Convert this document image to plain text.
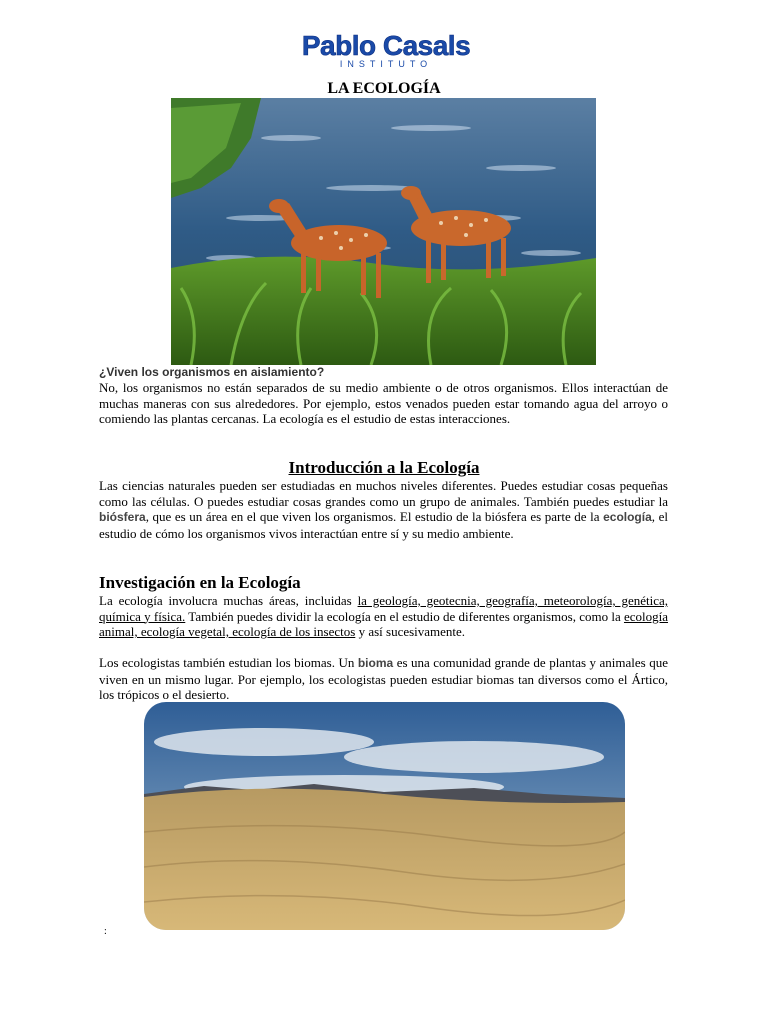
Pablo Casals
INSTITUTO
LA ECOLOGÍA
¿Viven los organismos en aislamiento?
No, los organismos no están separados de su medio ambiente o de otros organismos. Ellos interactúan de muchas maneras con sus alrededores. Por ejemplo, estos venados pueden estar tomando agua del arroyo o comiendo las plantas cercanas. La ecología es el estudio de estas interacciones.
Introducción a la Ecología
Las ciencias naturales pueden ser estudiadas en muchos niveles diferentes. Puedes estudiar cosas pequeñas como las células. O puedes estudiar cosas grandes como un grupo de animales. También puedes estudiar la biósfera, que es un área en el que viven los organismos. El estudio de la biósfera es parte de la ecología, el estudio de cómo los organismos vivos interactúan entre sí y su medio ambiente.
Investigación en la Ecología
La ecología involucra muchas áreas, incluidas la geología, geotecnia, geografía, meteorología, genética, química y física. También puedes dividir la ecología en el estudio de diferentes organismos, como la ecología animal, ecología vegetal, ecología de los insectos y así sucesivamente.
Los ecologistas también estudian los biomas. Un bioma es una comunidad grande de plantas y animales que viven en un mismo lugar. Por ejemplo, los ecologistas pueden estudiar biomas tan diversos como el Ártico, los trópicos o el desierto.
:
